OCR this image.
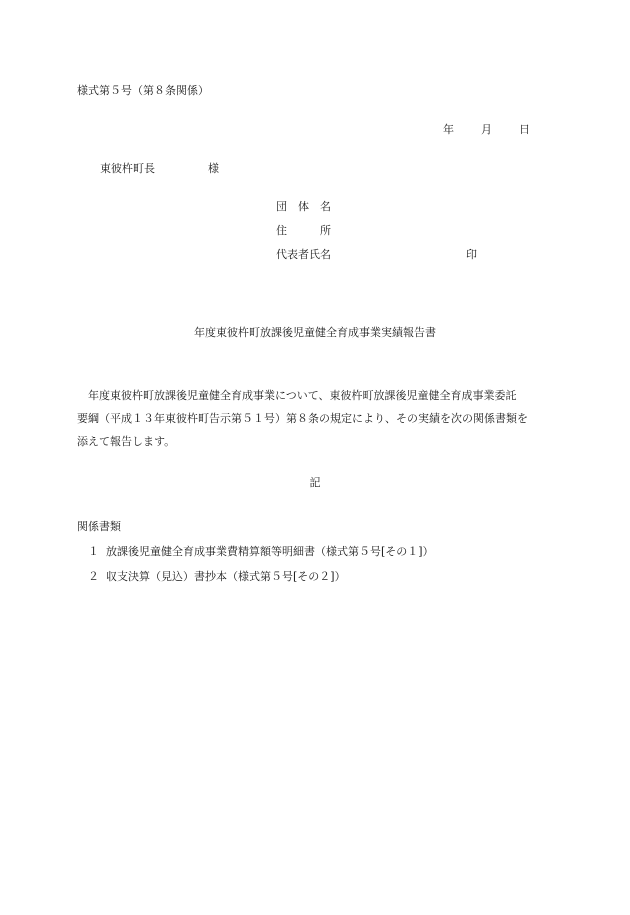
様式第５号（第８条関係）
年 月 日
東彼杵町長	様
団　体　名
住　　　所
代表者氏名	印
年度東彼杵町放課後児童健全育成事業実績報告書
　年度東彼杵町放課後児童健全育成事業について、東彼杵町放課後児童健全育成事業委託
要綱（平成１３年東彼杵町告示第５１号）第８条の規定により、その実績を次の関係書類を
添えて報告します。
記
関係書類
１ 放課後児童健全育成事業費精算額等明細書（様式第５号[その１]）
２ 収支決算（見込）書抄本（様式第５号[その２]）
